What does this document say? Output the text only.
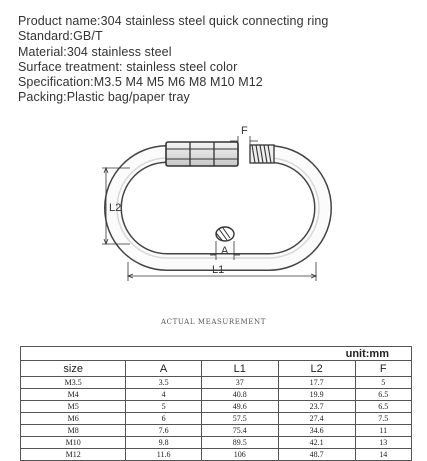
Product name:304 stainless steel quick connecting ring
Standard:GB/T
Material:304 stainless steel
Surface treatment: stainless steel color
Specification:M3.5 M4 M5 M6 M8 M10 M12
Packing:Plastic bag/paper tray
F
L2
A
L1
ACTUAL MEASUREMENT
unit:mm				
size	A	L1	L2	F
M3.5	3.5	37	17.7	5
M4	4	40.8	19.9	6.5
M5	5	49.6	23.7	6.5
M6	6	57.5	27.4	7.5
M8	7.6	75.4	34.6	11
M10	9.8	89.5	42.1	13
M12	11.6	106	48.7	14
